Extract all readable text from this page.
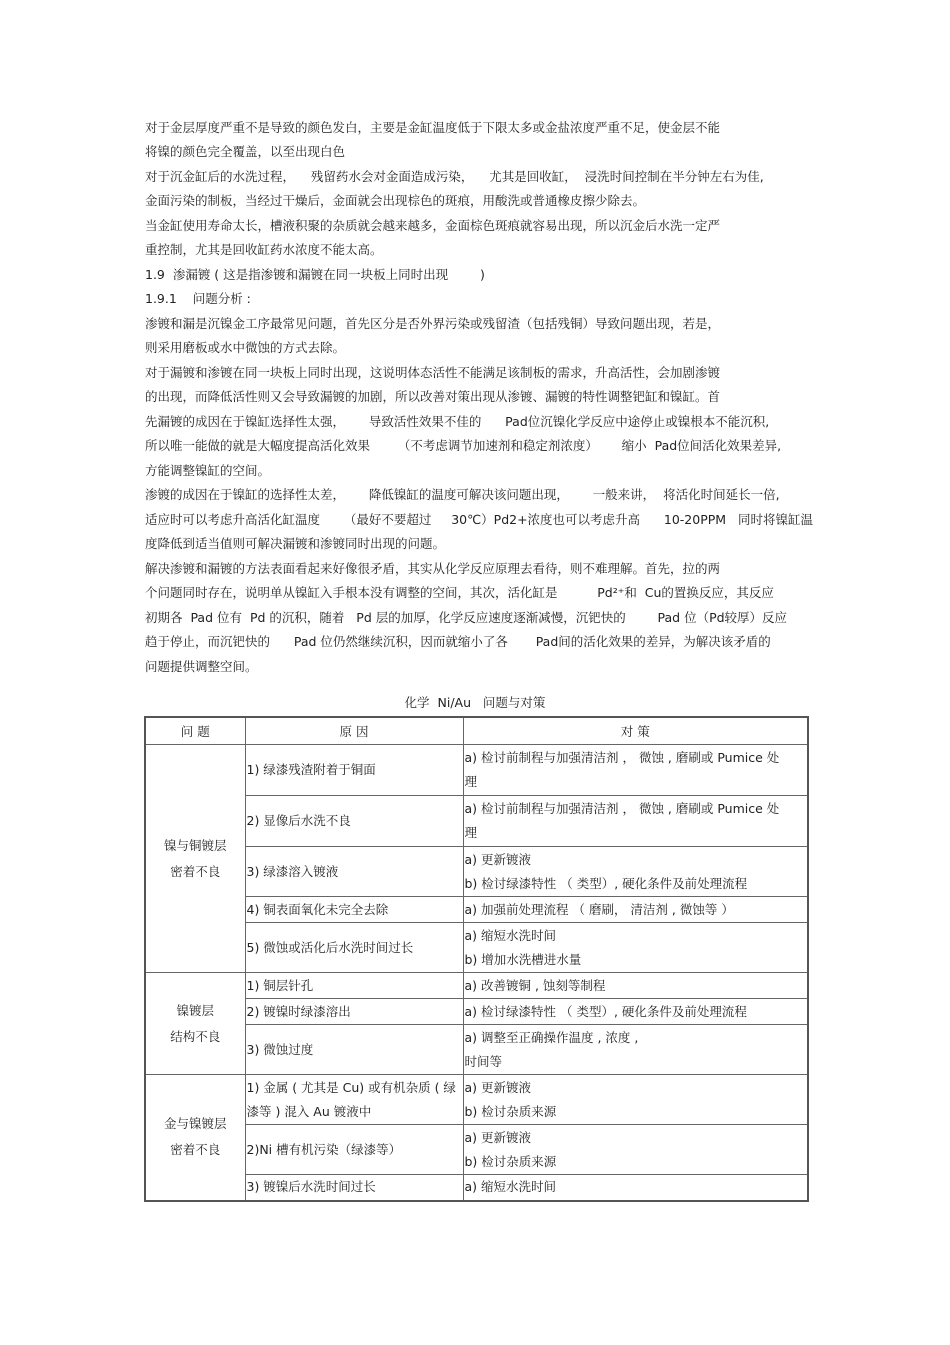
对于金层厚度严重不是导致的颜色发白，主要是金缸温度低于下限太多或金盐浓度严重不足，使金层不能
将镍的颜色完全覆盖，以至出现白色
对于沉金缸后的水洗过程，    残留药水会对金面造成污染，    尤其是回收缸，  浸洗时间控制在半分钟左右为佳,
金面污染的制板，当经过干燥后，金面就会出现棕色的斑痕，用酸洗或普通橡皮擦少除去。
当金缸使用寿命太长，槽液积聚的杂质就会越来越多，金面棕色斑痕就容易出现，所以沉金后水洗一定严
重控制，尤其是回收缸药水浓度不能太高。
1.9  渗漏镀 ( 这是指渗镀和漏镀在同一块板上同时出现        )
1.9.1    问题分析 :
渗镀和漏是沉镍金工序最常见问题，首先区分是否外界污染或残留渣（包括残铜）导致问题出现，若是，
则采用磨板或水中微蚀的方式去除。
对于漏镀和渗镀在同一块板上同时出现，这说明体态活性不能满足该制板的需求，升高活性，会加剧渗镀
的出现，而降低活性则又会导致漏镀的加剧，所以改善对策出现从渗镀、漏镀的特性调整钯缸和镍缸。首
先漏镀的成因在于镍缸选择性太强，      导致活性效果不佳的      Pad位沉镍化学反应中途停止或镍根本不能沉积,
所以唯一能做的就是大幅度提高活化效果       （不考虑调节加速剂和稳定剂浓度）      缩小  Pad位间活化效果差异,
方能调整镍缸的空间。
渗镀的成因在于镍缸的选择性太差，      降低镍缸的温度可解决该问题出现，      一般来讲，  将活化时间延长一倍,
适应时可以考虑升高活化缸温度      （最好不要超过     30℃）Pd2+浓度也可以考虑升高      10-20PPM   同时将镍缸温
度降低到适当值则可解决漏镀和渗镀同时出现的问题。
解决渗镀和漏镀的方法表面看起来好像很矛盾，其实从化学反应原理去看待，则不难理解。首先，拉的两
个问题同时存在，说明单从镍缸入手根本没有调整的空间，其次，活化缸是          Pd²⁺和  Cu的置换反应，其反应
初期各  Pad 位有  Pd 的沉积，随着   Pd 层的加厚，化学反应速度逐渐减慢，沉钯快的        Pad 位（Pd较厚）反应
趋于停止，而沉钯快的      Pad 位仍然继续沉积，因而就缩小了各       Pad间的活化效果的差异，为解决该矛盾的
问题提供调整空间。
化学  Ni/Au   问题与对策
问 题	原 因	对 策

镍与铜镀层
密着不良	1) 绿漆残渣附着于铜面	a) 检讨前制程与加强清洁剂 ， 微蚀 , 磨刷或 Pumice 处
理

	2) 显像后水洗不良	a) 检讨前制程与加强清洁剂 ， 微蚀 , 磨刷或 Pumice 处
理

	3) 绿漆溶入镀液	a) 更新镀液
b) 检讨绿漆特性 （ 类型）, 硬化条件及前处理流程

	4) 铜表面氧化未完全去除	a) 加强前处理流程 （ 磨刷， 清洁剂 , 微蚀等 ）

	5) 微蚀或活化后水洗时间过长	a) 缩短水洗时间
b) 增加水洗槽进水量

镍镀层
结构不良	1) 铜层针孔	a) 改善镀铜 , 蚀刻等制程

	2) 镀镍时绿漆溶出	a) 检讨绿漆特性 （ 类型）, 硬化条件及前处理流程

	3) 微蚀过度	a) 调整至正确操作温度 , 浓度 ,
时间等

金与镍镀层
密着不良	1) 金属 ( 尤其是 Cu) 或有机杂质 ( 绿
漆等 ) 混入 Au 镀液中	a) 更新镀液
b) 检讨杂质来源

	2)Ni 槽有机污染（绿漆等）	a) 更新镀液
b) 检讨杂质来源

	3) 镀镍后水洗时间过长	a) 缩短水洗时间
